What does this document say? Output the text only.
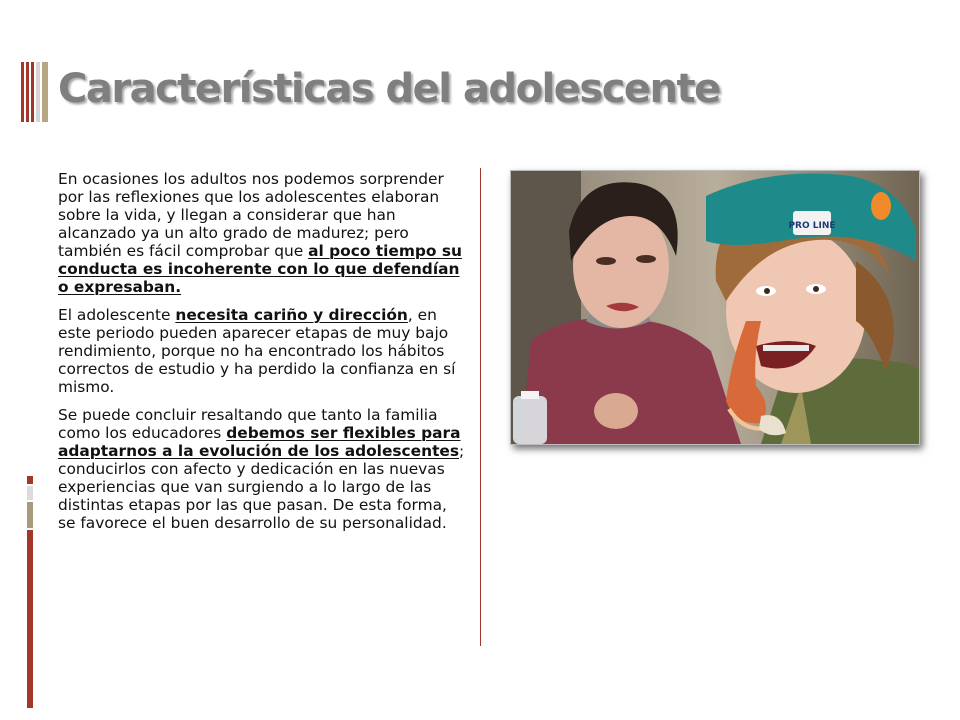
Características del adolescente

En ocasiones los adultos nos podemos sorprender por las reflexiones que los adolescentes elaboran sobre la vida, y llegan a considerar que han alcanzado ya un alto grado de madurez; pero también es fácil comprobar que al poco tiempo su conducta es incoherente con lo que defendían o expresaban.

El adolescente necesita cariño y dirección, en este periodo pueden aparecer etapas de muy bajo rendimiento, porque no ha encontrado los hábitos correctos de estudio y ha perdido la confianza en sí mismo.

Se puede concluir resaltando que tanto la familia como los educadores debemos ser flexibles para adaptarnos a la evolución de los adolescentes; conducirlos con afecto y dedicación en las nuevas experiencias que van surgiendo a lo largo de las distintas etapas por las que pasan. De esta forma, se favorece el buen desarrollo de su personalidad.

PRO LINE
